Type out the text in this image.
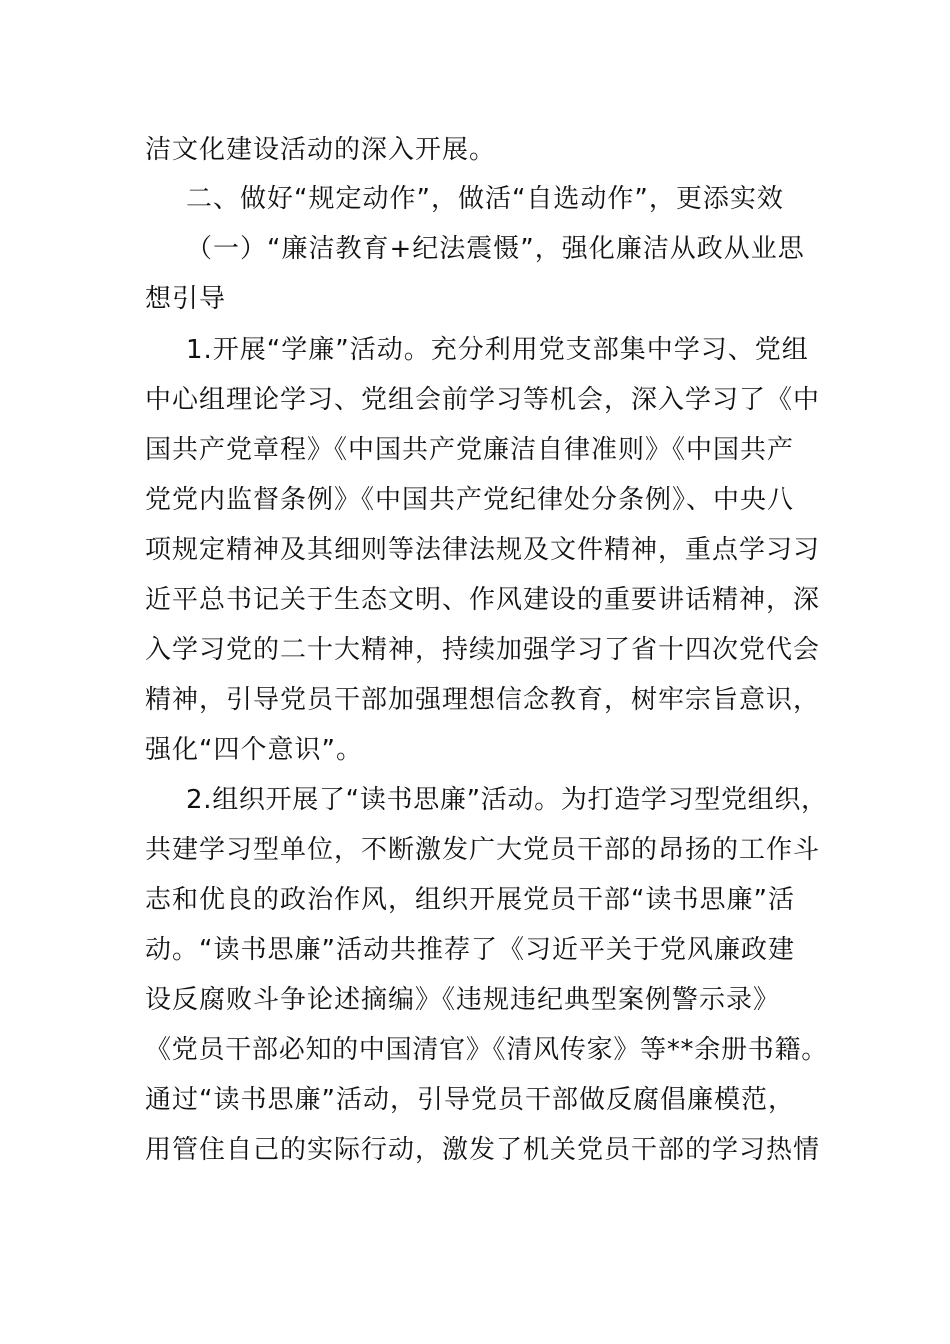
洁文化建设活动的深入开展。
二、做好“规定动作”，做活“自选动作”，更添实效
（一）“廉洁教育+纪法震慑”，强化廉洁从政从业思
想引导
1.开展“学廉”活动。充分利用党支部集中学习、党组
中心组理论学习、党组会前学习等机会，深入学习了《中
国共产党章程》《中国共产党廉洁自律准则》《中国共产
党党内监督条例》《中国共产党纪律处分条例》、中央八
项规定精神及其细则等法律法规及文件精神，重点学习习
近平总书记关于生态文明、作风建设的重要讲话精神，深
入学习党的二十大精神，持续加强学习了省十四次党代会
精神，引导党员干部加强理想信念教育，树牢宗旨意识，
强化“四个意识”。
2.组织开展了“读书思廉”活动。为打造学习型党组织，
共建学习型单位，不断激发广大党员干部的昂扬的工作斗
志和优良的政治作风，组织开展党员干部“读书思廉”活
动。“读书思廉”活动共推荐了《习近平关于党风廉政建
设反腐败斗争论述摘编》《违规违纪典型案例警示录》
《党员干部必知的中国清官》《清风传家》等**余册书籍。
通过“读书思廉”活动，引导党员干部做反腐倡廉模范，
用管住自己的实际行动，激发了机关党员干部的学习热情
